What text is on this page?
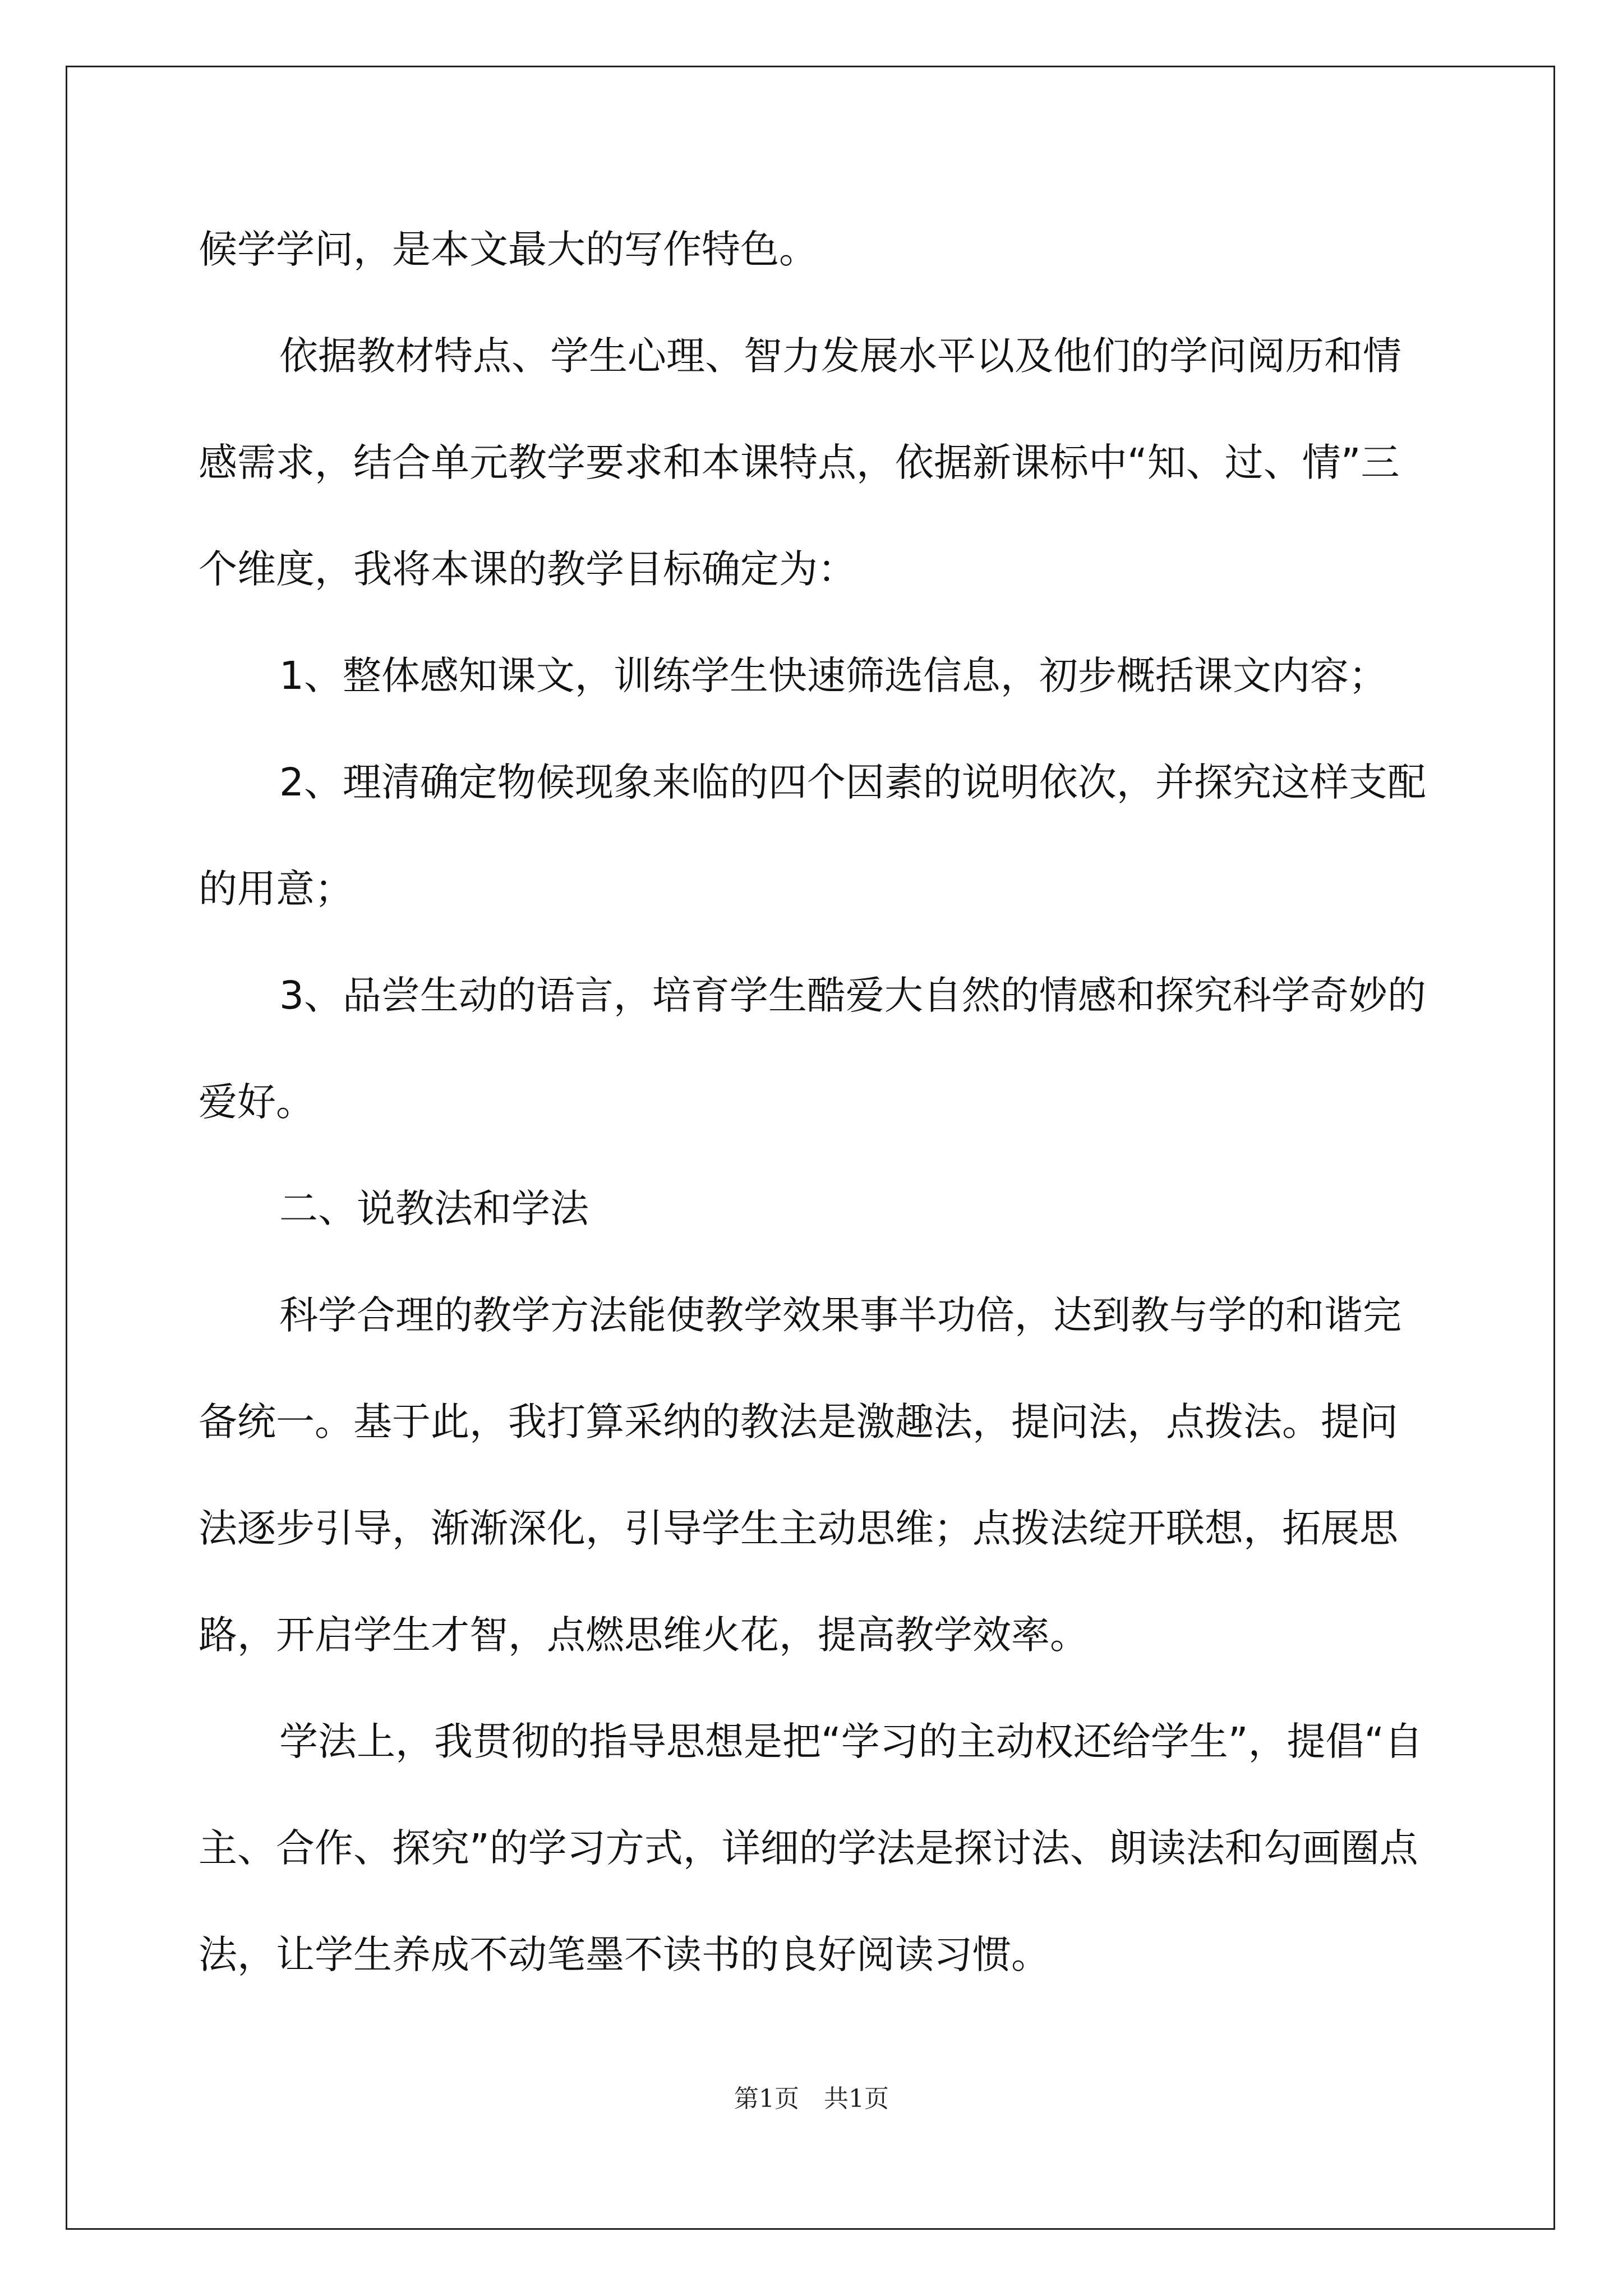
候学学问，是本文最大的写作特色。

依据教材特点、学生心理、智力发展水平以及他们的学问阅历和情感需求，结合单元教学要求和本课特点，依据新课标中“知、过、情”三个维度，我将本课的教学目标确定为：

1、整体感知课文，训练学生快速筛选信息，初步概括课文内容；

2、理清确定物候现象来临的四个因素的说明依次，并探究这样支配的用意；

3、品尝生动的语言，培育学生酷爱大自然的情感和探究科学奇妙的爱好。

二、说教法和学法

科学合理的教学方法能使教学效果事半功倍，达到教与学的和谐完备统一。基于此，我打算采纳的教法是激趣法，提问法，点拨法。提问法逐步引导，渐渐深化，引导学生主动思维；点拨法绽开联想，拓展思路，开启学生才智，点燃思维火花，提高教学效率。

学法上，我贯彻的指导思想是把“学习的主动权还给学生”，提倡“自主、合作、探究”的学习方式，详细的学法是探讨法、朗读法和勾画圈点法，让学生养成不动笔墨不读书的良好阅读习惯。

第1页　共1页
